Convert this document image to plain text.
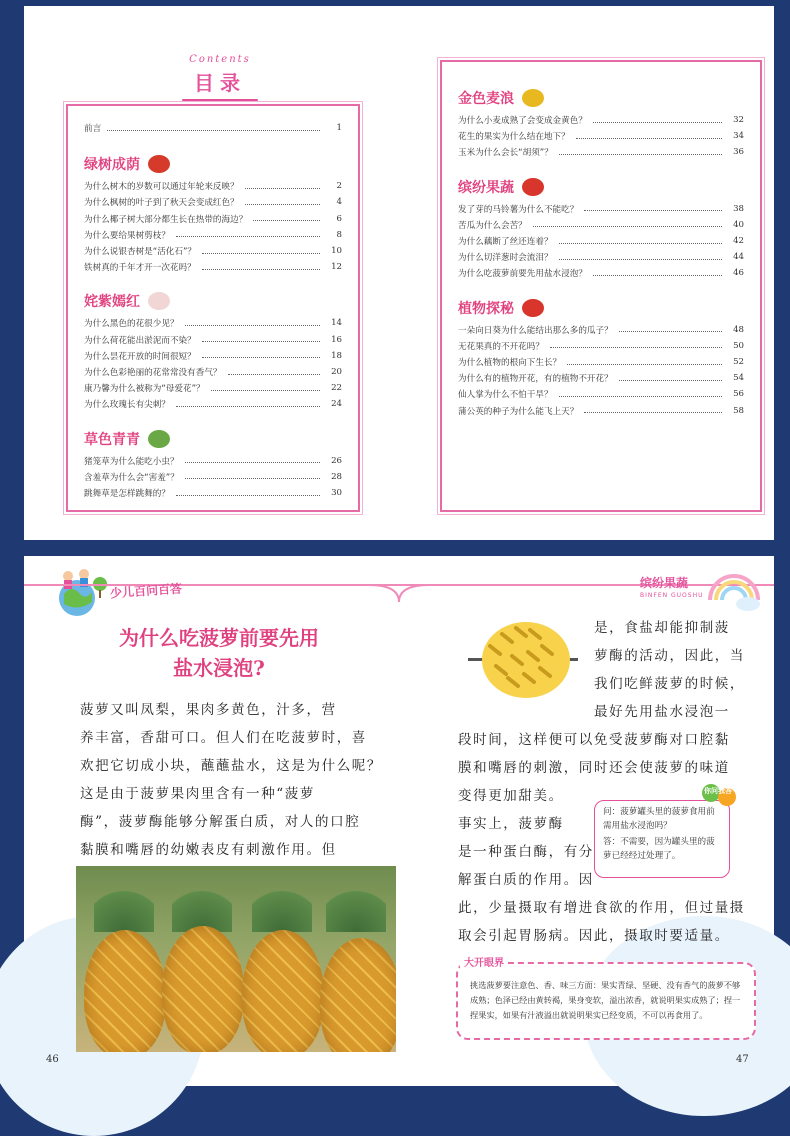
Contents
目录
前言	1
绿树成荫
为什么树木的岁数可以通过年轮来反映？	2
为什么枫树的叶子到了秋天会变成红色？	4
为什么椰子树大部分都生长在热带的海边？	6
为什么要给果树剪枝？	8
为什么说银杏树是“活化石”？	10
铁树真的千年才开一次花吗？	12
姹紫嫣红
为什么黑色的花很少见？	14
为什么荷花能出淤泥而不染？	16
为什么昙花开放的时间很短？	18
为什么色彩艳丽的花常常没有香气？	20
康乃馨为什么被称为“母爱花”？	22
为什么玫瑰长有尖刺？	24
草色青青
猪笼草为什么能吃小虫？	26
含羞草为什么会“害羞”？	28
跳舞草是怎样跳舞的？	30
金色麦浪
为什么小麦成熟了会变成金黄色？	32
花生的果实为什么结在地下？	34
玉米为什么会长“胡须”？	36
缤纷果蔬
发了芽的马铃薯为什么不能吃？	38
苦瓜为什么会苦？	40
为什么藕断了丝还连着？	42
为什么切洋葱时会流泪？	44
为什么吃菠萝前要先用盐水浸泡？	46
植物探秘
一朵向日葵为什么能结出那么多的瓜子？	48
无花果真的不开花吗？	50
为什么植物的根向下生长？	52
为什么有的植物开花，有的植物不开花？	54
仙人掌为什么不怕干旱？	56
蒲公英的种子为什么能飞上天？	58
少儿百问百答	缤纷果蔬
BINFEN GUOSHU
为什么吃菠萝前要先用
盐水浸泡?
菠萝又叫凤梨，果肉多黄色，汁多，营
养丰富，香甜可口。但人们在吃菠萝时，喜
欢把它切成小块，蘸蘸盐水，这是为什么呢？
这是由于菠萝果肉里含有一种“菠萝
酶”，菠萝酶能够分解蛋白质，对人的口腔
黏膜和嘴唇的幼嫩表皮有刺激作用。但
是，食盐却能抑制菠
萝酶的活动，因此，当
我们吃鲜菠萝的时候，
最好先用盐水浸泡一
段时间，这样便可以免受菠萝酶对口腔黏
膜和嘴唇的刺激，同时还会使菠萝的味道
变得更加甜美。
事实上，菠萝酶
是一种蛋白酶，有分
解蛋白质的作用。因
此，少量摄取有增进食欲的作用，但过量摄
取会引起胃肠病。因此，摄取时要适量。
问：菠萝罐头里的菠萝食用前需用盐水浸泡吗？
答：不需要，因为罐头里的菠萝已经经过处理了。
你问我答
挑选菠萝要注意色、香、味三方面：果实青绿、坚硬、没有香气的菠萝不够成熟；色泽已经由黄转褐，果身变软，溢出浓香，就说明果实成熟了；捏一捏果实，如果有汁液溢出就说明果实已经变质，不可以再食用了。
大开眼界
46	47
